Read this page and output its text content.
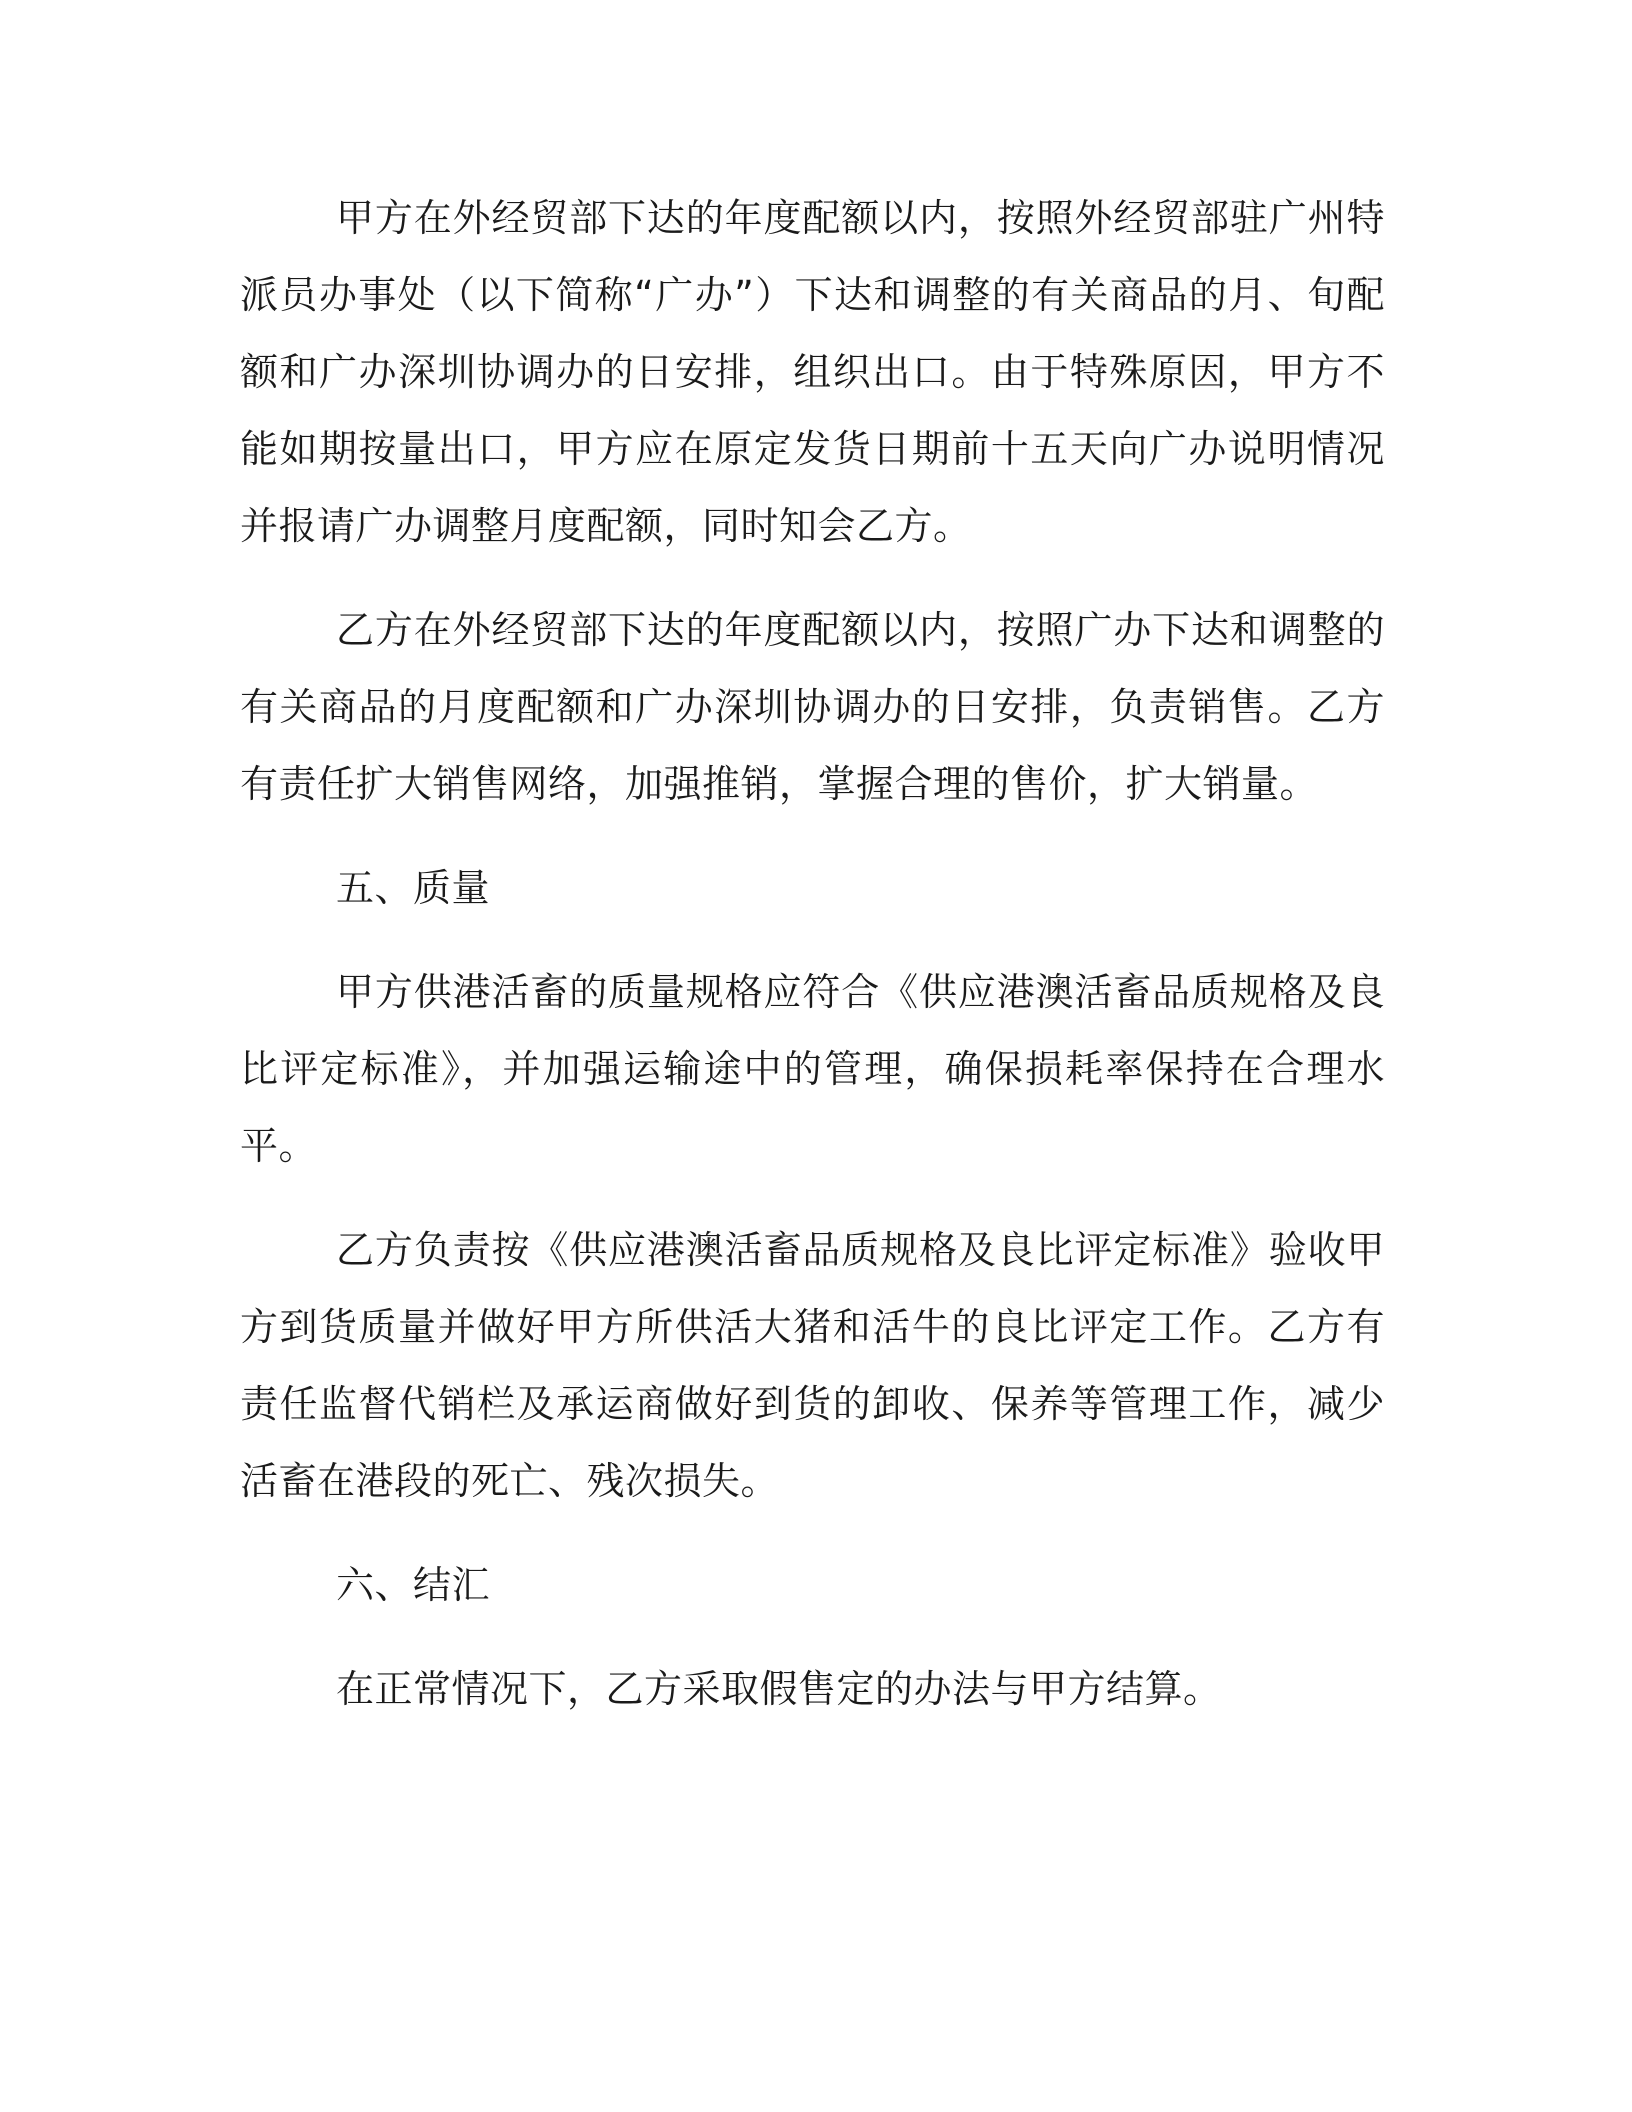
甲方在外经贸部下达的年度配额以内，按照外经贸部驻广州特派员办事处（以下简称“广办”）下达和调整的有关商品的月、旬配额和广办深圳协调办的日安排，组织出口。由于特殊原因，甲方不能如期按量出口，甲方应在原定发货日期前十五天向广办说明情况并报请广办调整月度配额，同时知会乙方。

乙方在外经贸部下达的年度配额以内，按照广办下达和调整的有关商品的月度配额和广办深圳协调办的日安排，负责销售。乙方有责任扩大销售网络，加强推销，掌握合理的售价，扩大销量。

五、质量

甲方供港活畜的质量规格应符合《供应港澳活畜品质规格及良比评定标准》，并加强运输途中的管理，确保损耗率保持在合理水平。

乙方负责按《供应港澳活畜品质规格及良比评定标准》验收甲方到货质量并做好甲方所供活大猪和活牛的良比评定工作。乙方有责任监督代销栏及承运商做好到货的卸收、保养等管理工作，减少活畜在港段的死亡、残次损失。

六、结汇

在正常情况下，乙方采取假售定的办法与甲方结算。
